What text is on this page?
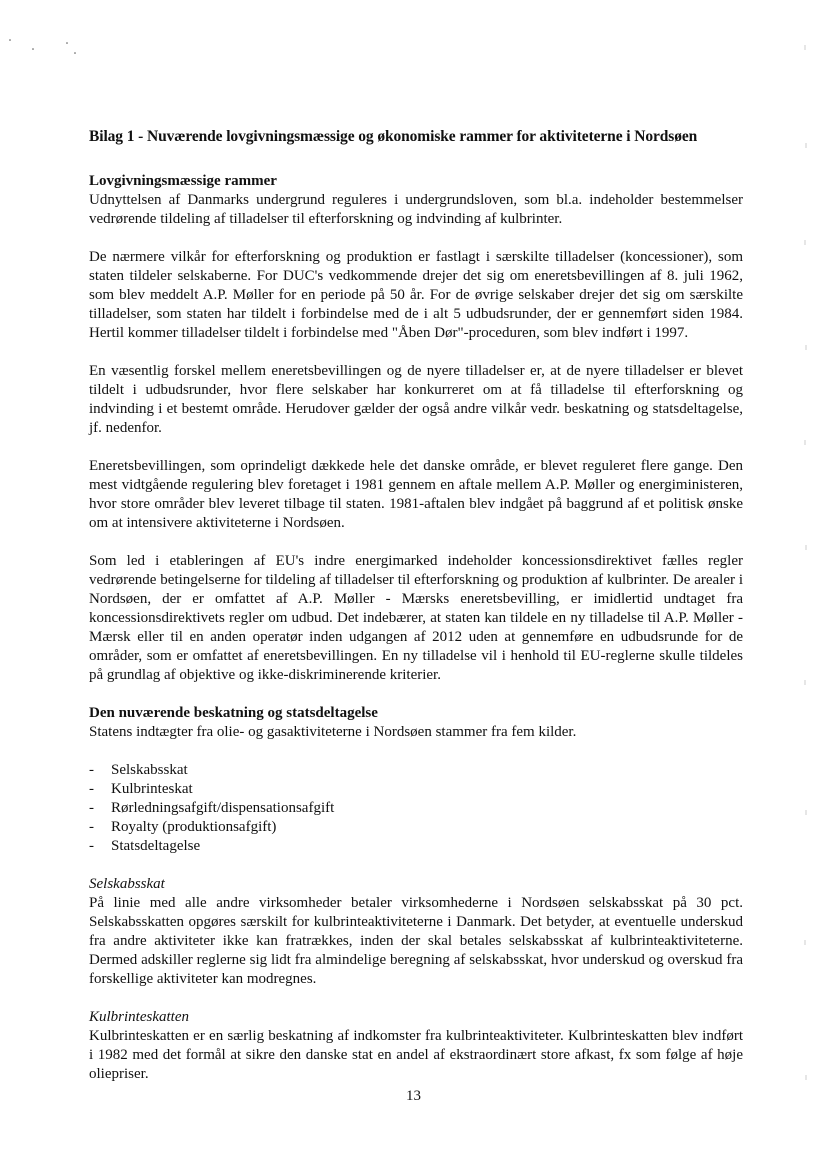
Bilag 1 - Nuværende lovgivningsmæssige og økonomiske rammer for aktiviteterne i Nordsøen
Lovgivningsmæssige rammer

Udnyttelsen af Danmarks undergrund reguleres i undergrundsloven, som bl.a. indeholder bestemmelser vedrørende tildeling af tilladelser til efterforskning og indvinding af kulbrinter.

De nærmere vilkår for efterforskning og produktion er fastlagt i særskilte tilladelser (koncessioner), som staten tildeler selskaberne. For DUC's vedkommende drejer det sig om eneretsbevillingen af 8. juli 1962, som blev meddelt A.P. Møller for en periode på 50 år. For de øvrige selskaber drejer det sig om særskilte tilladelser, som staten har tildelt i forbindelse med de i alt 5 udbudsrunder, der er gennemført siden 1984. Hertil kommer tilladelser tildelt i forbindelse med "Åben Dør"-proceduren, som blev indført i 1997.

En væsentlig forskel mellem eneretsbevillingen og de nyere tilladelser er, at de nyere tilladelser er blevet tildelt i udbudsrunder, hvor flere selskaber har konkurreret om at få tilladelse til efterforskning og indvinding i et bestemt område. Herudover gælder der også andre vilkår vedr. beskatning og statsdeltagelse, jf. nedenfor.

Eneretsbevillingen, som oprindeligt dækkede hele det danske område, er blevet reguleret flere gange. Den mest vidtgående regulering blev foretaget i 1981 gennem en aftale mellem A.P. Møller og energiministeren, hvor store områder blev leveret tilbage til staten. 1981-aftalen blev indgået på baggrund af et politisk ønske om at intensivere aktiviteterne i Nordsøen.

Som led i etableringen af EU's indre energimarked indeholder koncessionsdirektivet fælles regler vedrørende betingelserne for tildeling af tilladelser til efterforskning og produktion af kulbrinter. De arealer i Nordsøen, der er omfattet af A.P. Møller - Mærsks eneretsbevilling, er imidlertid undtaget fra koncessionsdirektivets regler om udbud. Det indebærer, at staten kan tildele en ny tilladelse til A.P. Møller - Mærsk eller til en anden operatør inden udgangen af 2012 uden at gennemføre en udbudsrunde for de områder, som er omfattet af eneretsbevillingen. En ny tilladelse vil i henhold til EU-reglerne skulle tildeles på grundlag af objektive og ikke-diskriminerende kriterier.

Den nuværende beskatning og statsdeltagelse

Statens indtægter fra olie- og gasaktiviteterne i Nordsøen stammer fra fem kilder.

- Selskabsskat
- Kulbrinteskat
- Rørledningsafgift/dispensationsafgift
- Royalty (produktionsafgift)
- Statsdeltagelse
Selskabsskat

På linie med alle andre virksomheder betaler virksomhederne i Nordsøen selskabsskat på 30 pct. Selskabsskatten opgøres særskilt for kulbrinteaktiviteterne i Danmark. Det betyder, at eventuelle underskud fra andre aktiviteter ikke kan fratrækkes, inden der skal betales selskabsskat af kulbrinteaktiviteterne. Dermed adskiller reglerne sig lidt fra almindelige beregning af selskabsskat, hvor underskud og overskud fra forskellige aktiviteter kan modregnes.

Kulbrinteskatten

Kulbrinteskatten er en særlig beskatning af indkomster fra kulbrinteaktiviteter. Kulbrinteskatten blev indført i 1982 med det formål at sikre den danske stat en andel af ekstraordinært store afkast, fx som følge af høje oliepriser.

13
